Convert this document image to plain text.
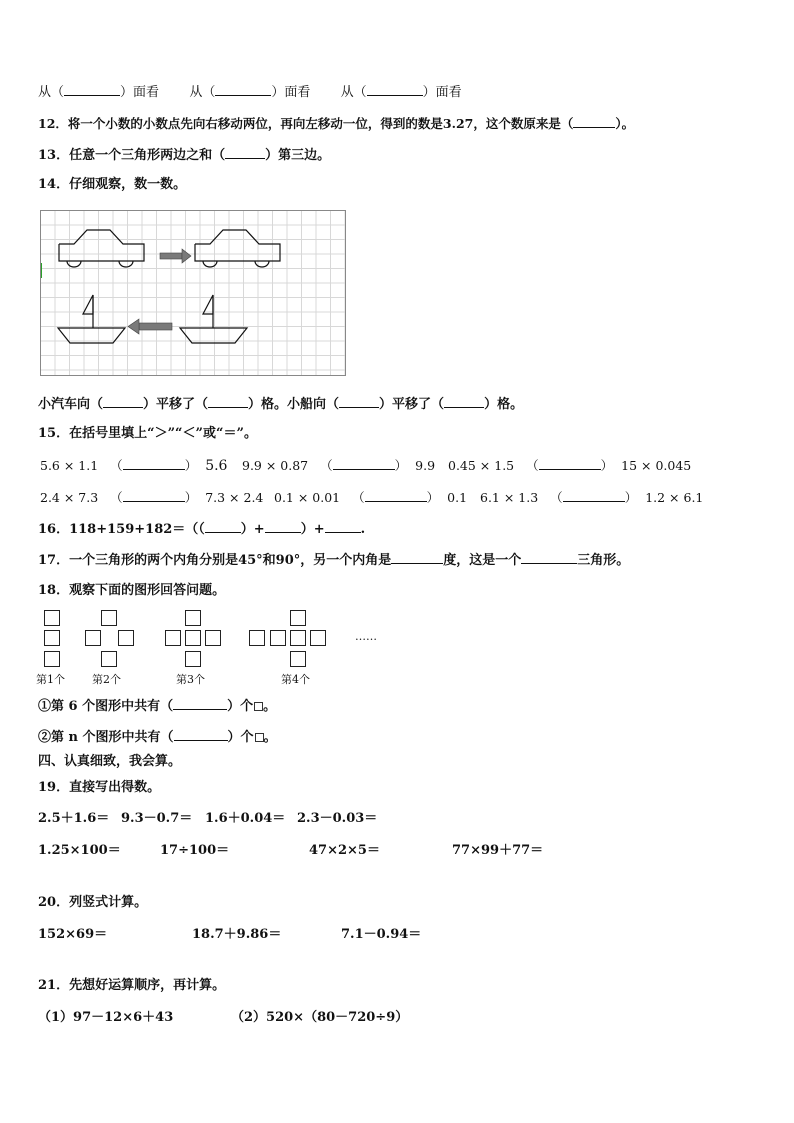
从（	）面看 从（	）面看 从（	）面看
12．将一个小数的小数点先向右移动两位，再向左移动一位，得到的数是3.27，这个数原来是（	）。
13．任意一个三角形两边之和（	）第三边。
14．仔细观察，数一数。
小汽车向（	）平移了（	）格。小船向（	）平移了（	）格。
15．在括号里填上“＞”“＜”或“＝”。
5.6 × 1.1 （	） 5.6 9.9 × 0.87 （	） 9.9 0.45 × 1.5 （	） 15 × 0.045
2.4 × 7.3 （	） 7.3 × 2.4 0.1 × 0.01 （	） 0.1 6.1 × 1.3 （	） 1.2 × 6.1
16．118+159+182＝（（	）+	）+	.
17．一个三角形的两个内角分别是45°和90°，另一个内角是	度，这是一个	三角形。
18．观察下面的图形回答问题。
第1个 第2个	第3个	第4个
……
①第 6 个图形中共有（	）个 。
②第 n 个图形中共有（	）个 。
四、认真细致，我会算。
19．直接写出得数。
2.5＋1.6＝ 9.3－0.7＝ 1.6＋0.04＝ 2.3－0.03＝
1.25×100＝	17÷100＝	47×2×5＝	77×99＋77＝
20．列竖式计算。
152×69＝	18.7＋9.86＝	7.1－0.94＝
21．先想好运算顺序，再计算。
（1）97－12×6＋43	（2）520×（80－720÷9）
